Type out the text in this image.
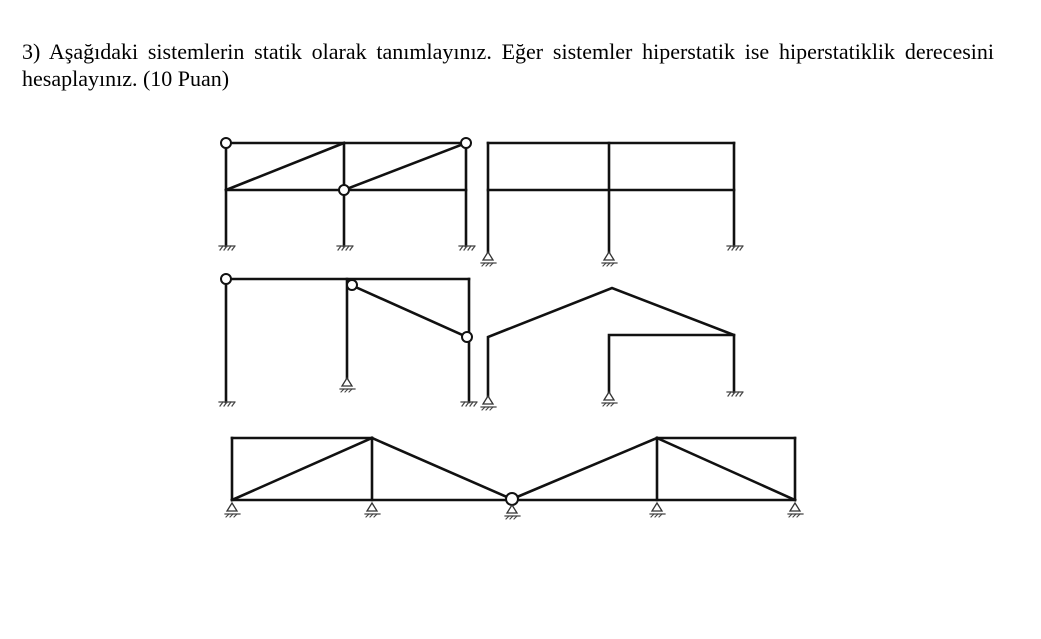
3) Aşağıdaki sistemlerin statik olarak tanımlayınız. Eğer sistemler hiperstatik ise hiperstatiklik derecesini hesaplayınız. (10 Puan)
